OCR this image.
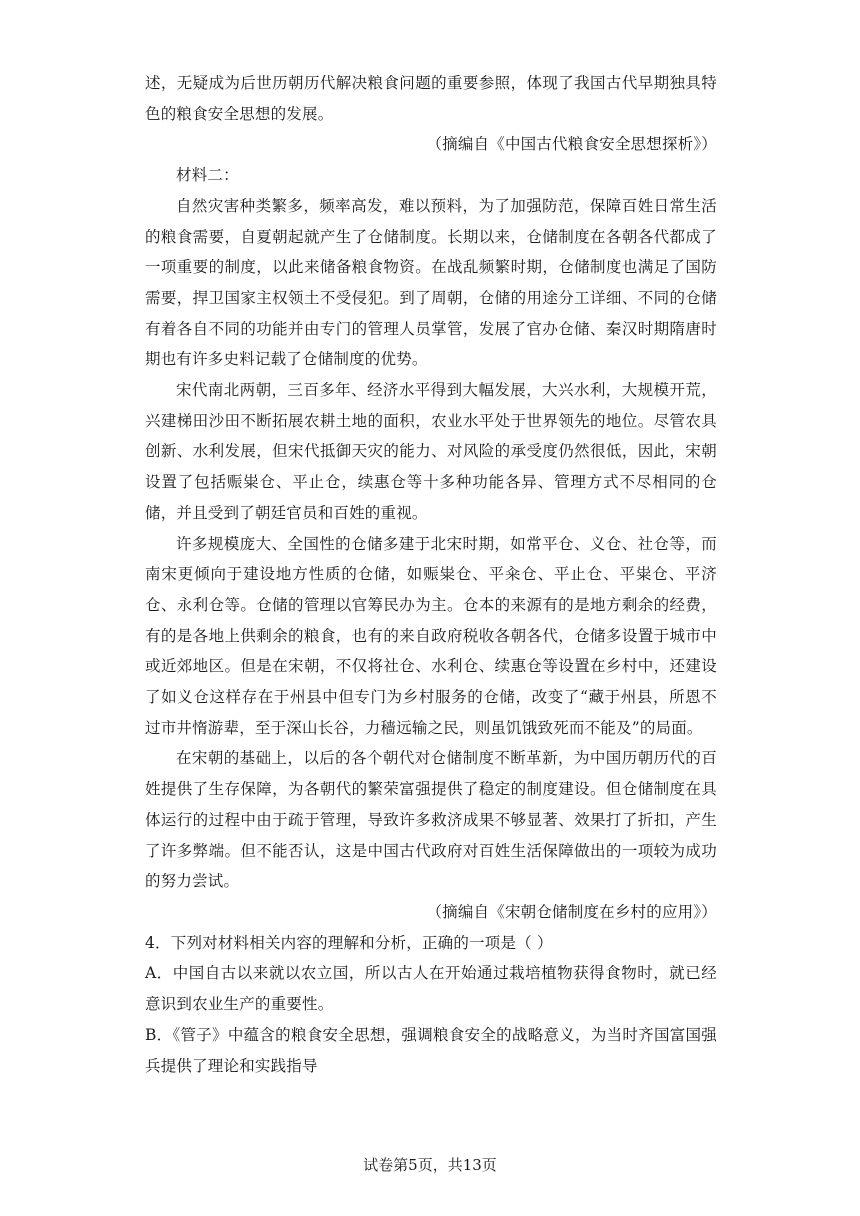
述，无疑成为后世历朝历代解决粮食问题的重要参照，体现了我国古代早期独具特色的粮食安全思想的发展。

（摘编自《中国古代粮食安全思想探析》）

材料二：

自然灾害种类繁多，频率高发，难以预料，为了加强防范，保障百姓日常生活的粮食需要，自夏朝起就产生了仓储制度。长期以来，仓储制度在各朝各代都成了一项重要的制度，以此来储备粮食物资。在战乱频繁时期，仓储制度也满足了国防需要，捍卫国家主权领土不受侵犯。到了周朝，仓储的用途分工详细、不同的仓储有着各自不同的功能并由专门的管理人员掌管，发展了官办仓储、秦汉时期隋唐时期也有许多史料记载了仓储制度的优势。

宋代南北两朝，三百多年、经济水平得到大幅发展，大兴水利，大规模开荒，兴建梯田沙田不断拓展农耕土地的面积，农业水平处于世界领先的地位。尽管农具创新、水利发展，但宋代抵御天灾的能力、对风险的承受度仍然很低，因此，宋朝设置了包括赈粜仓、平止仓，续惠仓等十多种功能各异、管理方式不尽相同的仓储，并且受到了朝廷官员和百姓的重视。

许多规模庞大、全国性的仓储多建于北宋时期，如常平仓、义仓、社仓等，而南宋更倾向于建设地方性质的仓储，如赈粜仓、平籴仓、平止仓、平粜仓、平济仓、永利仓等。仓储的管理以官筹民办为主。仓本的来源有的是地方剩余的经费，有的是各地上供剩余的粮食，也有的来自政府税收各朝各代，仓储多设置于城市中或近郊地区。但是在宋朝，不仅将社仓、水利仓、续惠仓等设置在乡村中，还建设了如义仓这样存在于州县中但专门为乡村服务的仓储，改变了“藏于州县，所恩不过市井惰游辈，至于深山长谷，力穑远输之民，则虽饥饿致死而不能及”的局面。

在宋朝的基础上，以后的各个朝代对仓储制度不断革新，为中国历朝历代的百姓提供了生存保障，为各朝代的繁荣富强提供了稳定的制度建设。但仓储制度在具体运行的过程中由于疏于管理，导致许多救济成果不够显著、效果打了折扣，产生了许多弊端。但不能否认，这是中国古代政府对百姓生活保障做出的一项较为成功的努力尝试。

（摘编自《宋朝仓储制度在乡村的应用》）

4．下列对材料相关内容的理解和分析，正确的一项是（ ）

A．中国自古以来就以农立国，所以古人在开始通过栽培植物获得食物时，就已经意识到农业生产的重要性。

B．《管子》中蕴含的粮食安全思想，强调粮食安全的战略意义，为当时齐国富国强兵提供了理论和实践指导

试卷第5页，共13页
